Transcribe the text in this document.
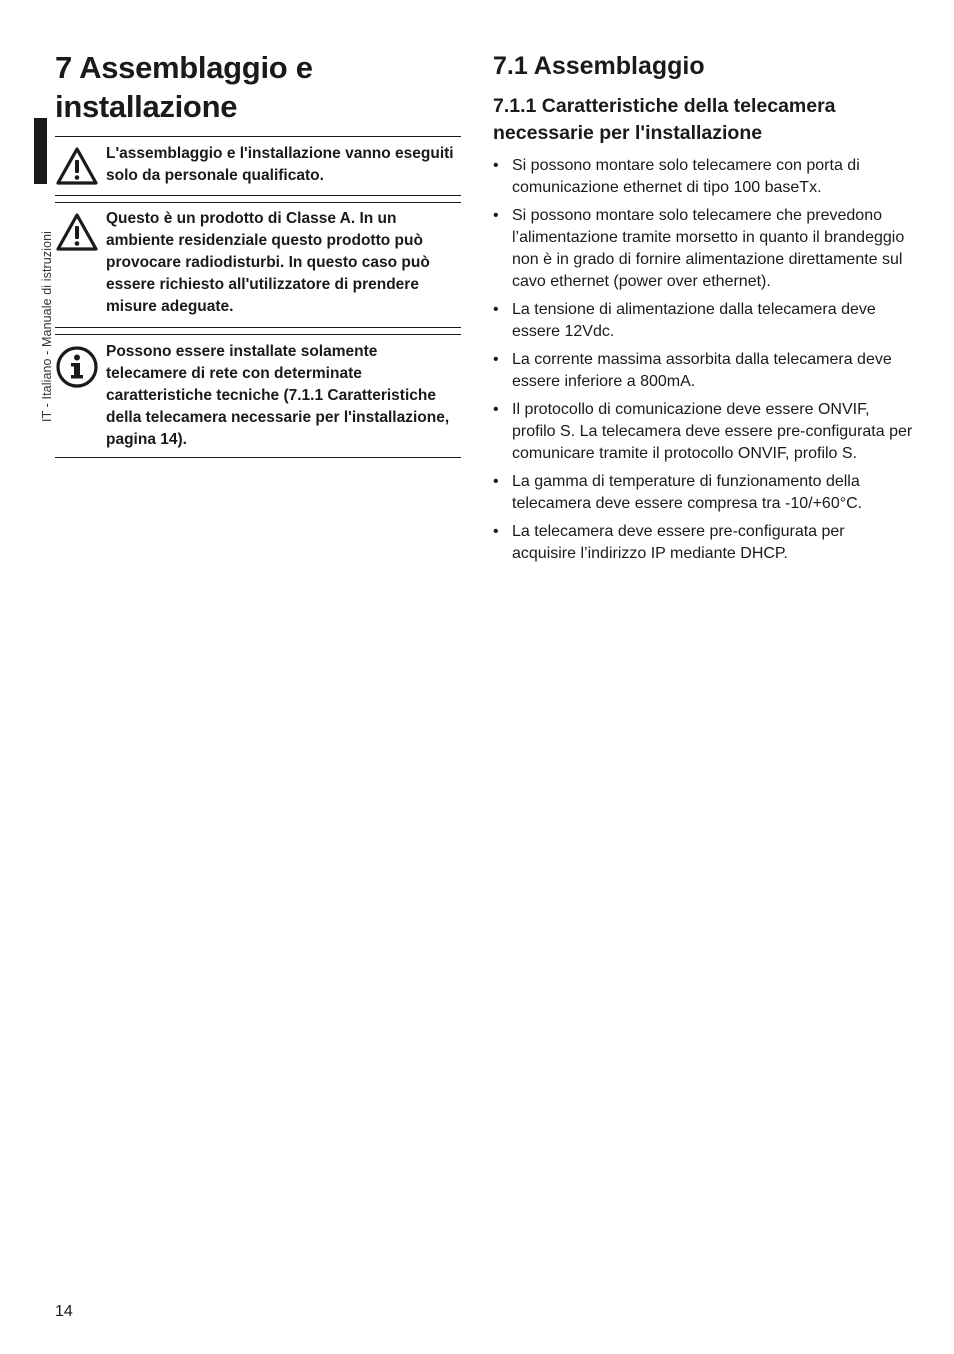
IT - Italiano - Manuale di istruzioni
7 Assemblaggio e installazione
L'assemblaggio e l'installazione vanno eseguiti solo da personale qualificato.
Questo è un prodotto di Classe A. In un ambiente residenziale questo prodotto può provocare radiodisturbi. In questo caso può essere richiesto all'utilizzatore di prendere misure adeguate.
Possono essere installate solamente telecamere di rete con determinate caratteristiche tecniche (7.1.1 Caratteristiche della telecamera necessarie per l'installazione, pagina 14).
7.1 Assemblaggio
7.1.1 Caratteristiche della telecamera necessarie per l'installazione
• Si possono montare solo telecamere con porta di comunicazione ethernet di tipo 100 baseTx.
• Si possono montare solo telecamere che prevedono l’alimentazione tramite morsetto in quanto il brandeggio non è in grado di fornire alimentazione direttamente sul cavo ethernet (power over ethernet).
• La tensione di alimentazione dalla telecamera deve essere 12Vdc.
• La corrente massima assorbita dalla telecamera deve essere inferiore a 800mA.
• Il protocollo di comunicazione deve essere ONVIF, profilo S. La telecamera deve essere pre-configurata per comunicare tramite il protocollo ONVIF, profilo S.
• La gamma di temperature di funzionamento della telecamera deve essere compresa tra -10/+60°C.
• La telecamera deve essere pre-configurata per acquisire l’indirizzo IP mediante DHCP.
14
